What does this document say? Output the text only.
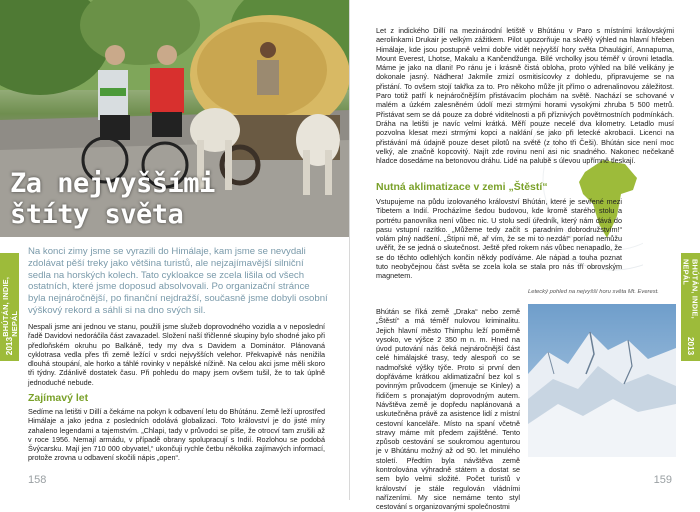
Za nejvyššími
štíty světa

Na konci zimy jsme se vyrazili do Himálaje, kam jsme se nevydali zdolávat pěší treky jako většina turistů, ale nejzajímavější silniční sedla na horských kolech. Tato cykloakce se zcela lišila od všech ostatních, které jsme doposud absolvovali. Po organizační stránce byla nejnáročnější, po finanční nejdražší, současně jsme dobyli osobní výškový rekord a sáhli si na dno svých sil.

BHÚTÁN, INDIE, NEPÁL
2013

Nespali jsme ani jednou ve stanu, použili jsme služeb doprovodného vozidla a v neposlední řadě Davidovi nedoráčila část zavazadel. Složení naší třičlenné skupiny bylo shodné jako při předloňském okruhu po Balkáně, tedy my dva s Davidem a Dominátor. Plánovaná cyklotrasa vedla přes tři země ležící v srdci nejvyšších velehor. Překvapivě nás nenižila dlouhá stoupání, ale horko a táhlé rovinky v nepálské nížině. Na celou akci jsme měli skoro tři týdny. Zdánlivě dostatek času. Při pohledu do mapy jsem ovšem tušil, že to tak úplně jednoduché nebude.

Zajímavý let

Sedíme na letišti v Dillí a čekáme na pokyn k odbavení letu do Bhútánu. Země leží uprostřed Himálaje a jako jedna z posledních odolává globalizaci. Toto království je do jisté míry zahaleno legendami a tajemstvím. „Chlapi, tady v průvodci se píše, že otrocví tam zrušili až v roce 1956. Nemají armádu, v případě obrany spolupracují s Indií. Rozlohou se podobá Švýcarsku. Mají jen 710 000 obyvatel,“ ukončuji rychle četbu několika zajímavých informací, protože zrovna u odbavení skočili nápis „open“.

158

Let z indického Dillí na mezinárodní letiště v Bhútánu v Paro s místními královskými aerolinkami Drukair je velkým zážitkem. Pilot upozorňuje na skvělý výhled na hlavní hřeben Himálaje, kde jsou postupně velmi dobře vidět nejvyšší hory světa Dhaulágirí, Annapurna, Mount Everest, Lhotse, Makalu a Kančendžunga. Bílé vrcholky jsou téměř v úrovni letadla. Máme je jako na dlani! Po ránu je i krásně čistá obloha, proto výhled na bílé velikány je dokonale jasný. Nádhera! Jakmile zmizí osmitisícovky z dohledu, připravujeme se na přistání. To ovšem stojí takřka za to. Pro někoho může jít přímo o adrenalinovou záležitost. Paro totiž patří k nejnáročnějším přistávacím plochám na světě. Nachází se schované v malém a úzkém zalesněném údolí mezi strmými horami vysokými zhruba 5 500 metrů. Přistávat sem se dá pouze za dobré viditelnosti a při příznivých povětrnostních podmínkách. Dráha na letišti je navíc velmi krátká. Měří pouze necelé dva kilometry. Letadlo musí pozvolna klesat mezi strmými kopci a naklání se jako při letecké akrobacii. Licenci na přistávání má údajně pouze deset pilotů na světě (z toho tři Češi). Bhútán sice není moc velký, ale značně kopcovitý. Najít zde rovinu není asi nic snadného. Nakonec nečekaně hladce dosedáme na betonovou dráhu. Lidé na palubě s úlevou upřímně tleskají.

Nutná aklimatizace v zemi „Štěstí“

Vstupujeme na půdu izolovaného království Bhútán, které je sevřené mezi Tibetem a Indií. Procházíme šedou budovou, kde kromě starého stolu a portrétu panovníka není vůbec nic. U stolu sedí úředník, který nám dává do pasu vstupní razítko. „Můžeme tedy začít s paradním dobrodružstvím!“ volám plný nadšení. „Štípni mě, ař vím, že se mi to nezdá!“ poríad nemůžu uvěřit, že se jedná o skutečnost. Ještě před rokem nás vůbec nenapadlo, že se do těchto odlehlých končin někdy podíváme. Ale nápad a touha poznat tuto neobyčejnou část světa se zcela kola se stala pro nás tří obrovským magnetem.

Bhútán se říká země „Draka“ nebo země „Štěstí“ a má téměř nulovou kriminalitu. Jejich hlavní město Thimphu leží poměrně vysoko, ve výšce 2 350 m n. m. Hned na úvod putování nás čeká nejnáročnější část celé himálajské trasy, tedy alespoň co se nadmořské výšky týče. Proto si první den dopřáváme krátkou aklimatizační bez kol s povinným průvodcem (jmenuje se Kinley) a řidičem s pronajatým doprovodným autem. Návštěva země je dopředu naplánovaná a uskutečněna právě za asistence lidí z místní cestovní kanceláře. Místo na spaní včetně stravy máme mít předem zajištěné. Tento způsob cestování se soukromou agenturou je v Bhútánu možný až od 90. let minulého století. Předtím byla návštěva země kontrolována výhradně státem a dostat se sem bylo velmi složité. Počet turistů v království je stále regulován vládními nařízeními. My sice nemáme tento styl cestování s organizovanými společnostmi

Letecký pohled na nejvyšší horu světa Mt. Everest.	BHÚTÁN, INDIE, NEPÁL
2013
159
